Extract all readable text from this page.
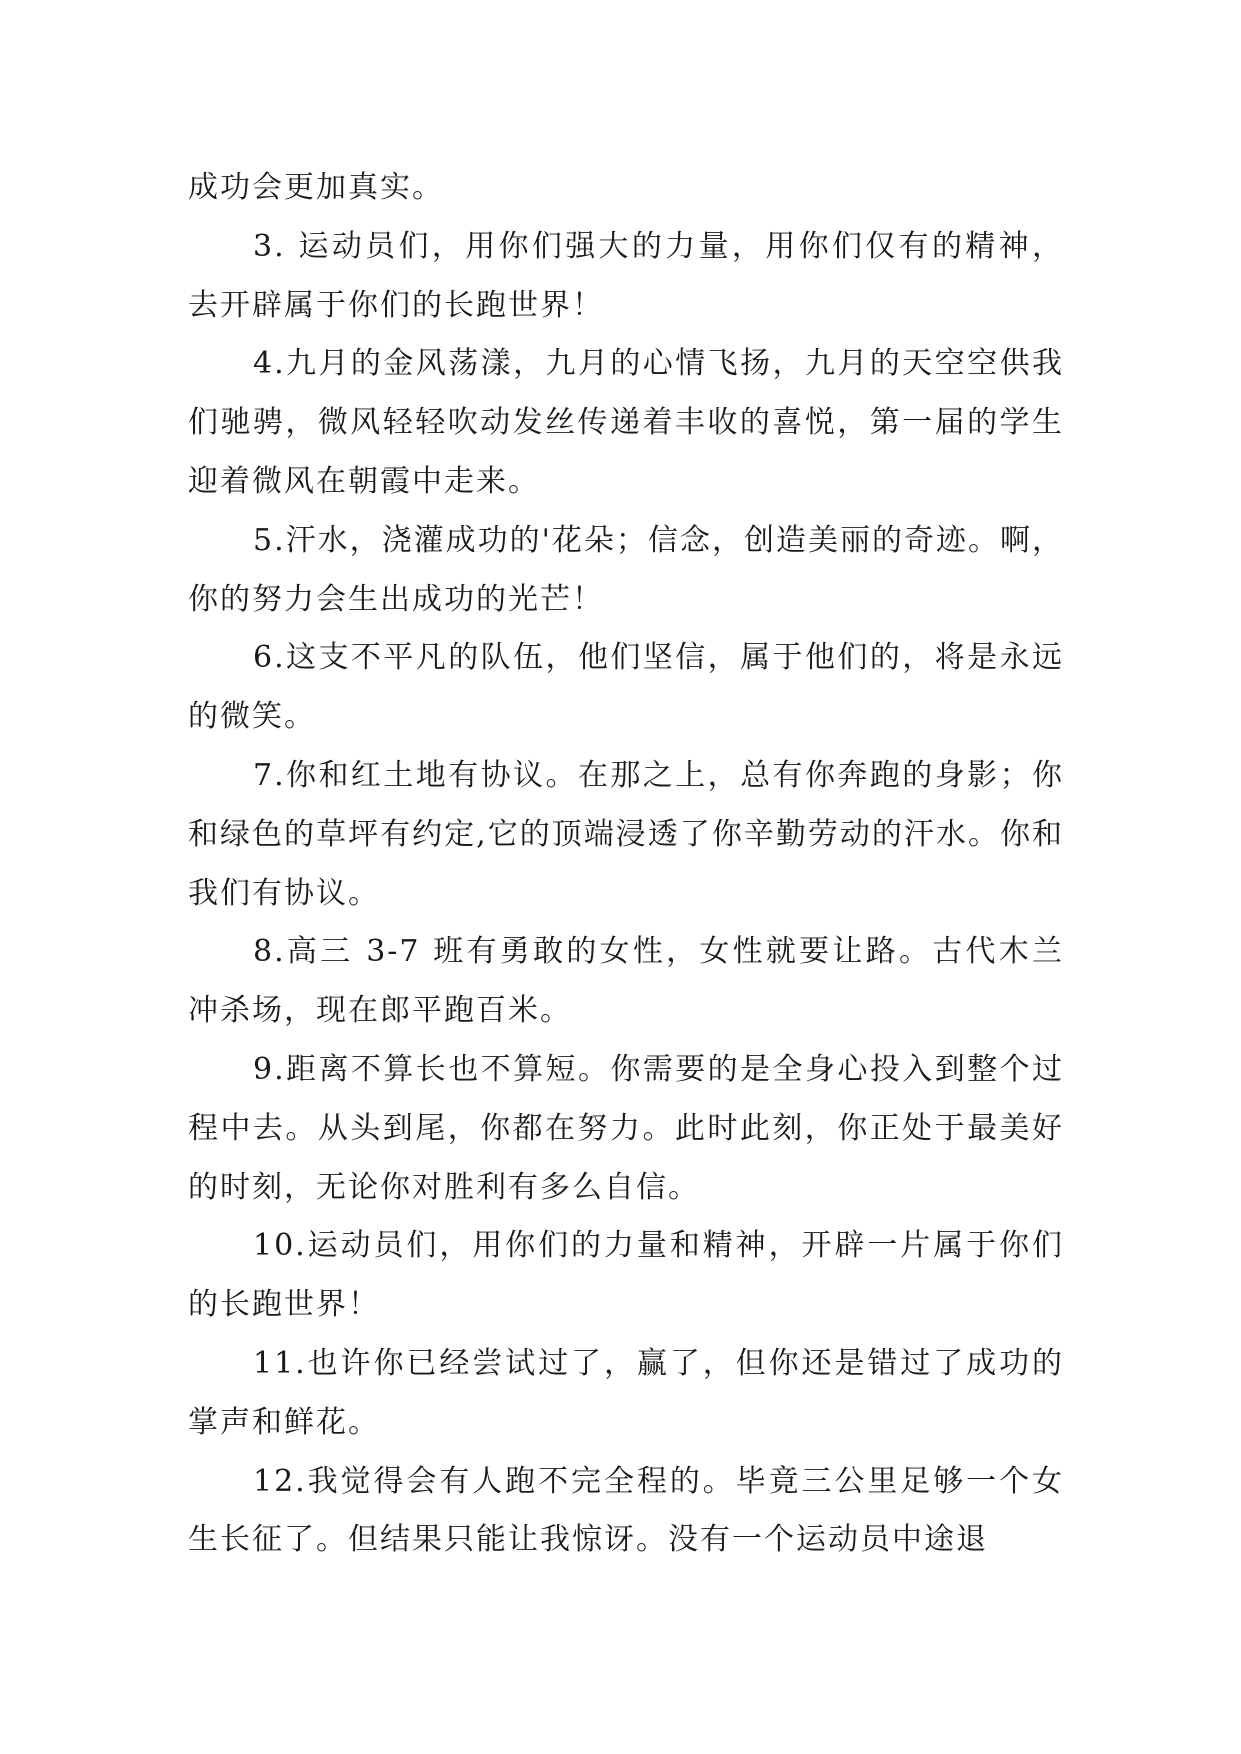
成功会更加真实。

3. 运动员们，用你们强大的力量，用你们仅有的精神，去开辟属于你们的长跑世界！

4.九月的金风荡漾，九月的心情飞扬，九月的天空空供我们驰骋，微风轻轻吹动发丝传递着丰收的喜悦，第一届的学生迎着微风在朝霞中走来。

5.汗水，浇灌成功的'花朵；信念，创造美丽的奇迹。啊，你的努力会生出成功的光芒！

6.这支不平凡的队伍，他们坚信，属于他们的，将是永远的微笑。

7.你和红土地有协议。在那之上，总有你奔跑的身影；你和绿色的草坪有约定,它的顶端浸透了你辛勤劳动的汗水。你和我们有协议。

8.高三 3-7 班有勇敢的女性，女性就要让路。古代木兰冲杀场，现在郎平跑百米。

9.距离不算长也不算短。你需要的是全身心投入到整个过程中去。从头到尾，你都在努力。此时此刻，你正处于最美好的时刻，无论你对胜利有多么自信。

10.运动员们，用你们的力量和精神，开辟一片属于你们的长跑世界！

11.也许你已经尝试过了，赢了，但你还是错过了成功的掌声和鲜花。

12.我觉得会有人跑不完全程的。毕竟三公里足够一个女生长征了。但结果只能让我惊讶。没有一个运动员中途退
